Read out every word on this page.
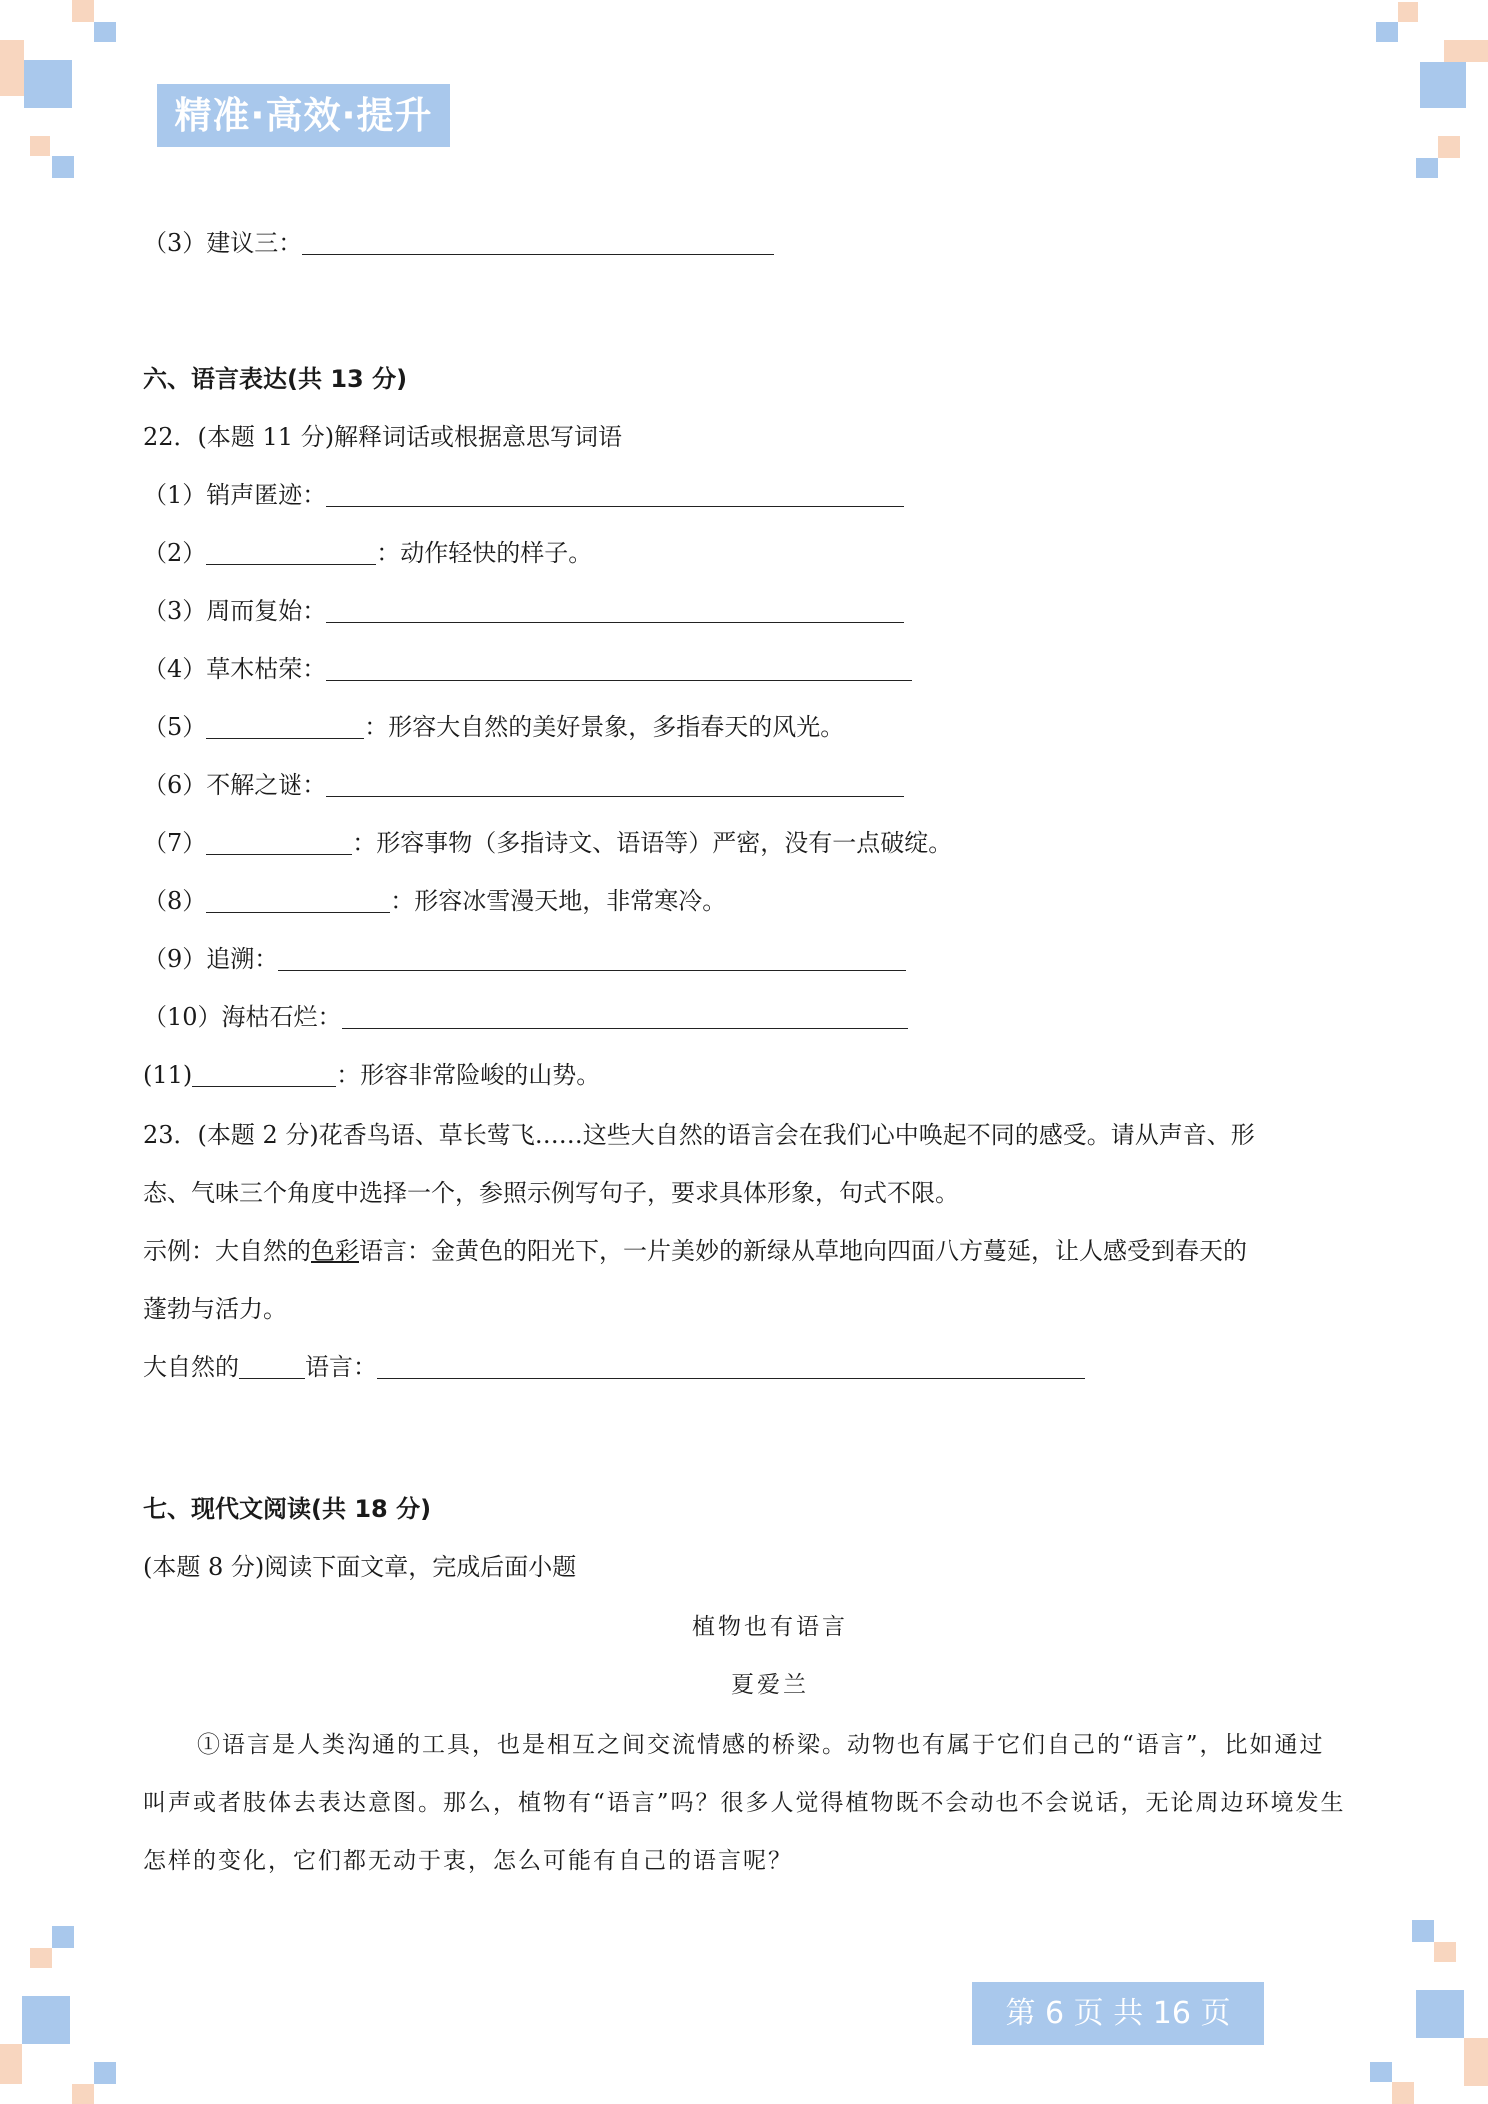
精准·高效·提升
（3）建议三：
六、语言表达(共 13 分)
22．(本题 11 分)解释词话或根据意思写词语
（1）销声匿迹：
（2）	：动作轻快的样子。
（3）周而复始：
（4）草木枯荣：
（5）	：形容大自然的美好景象，多指春天的风光。
（6）不解之谜：
（7）	：形容事物（多指诗文、语语等）严密，没有一点破绽。
（8）	：形容冰雪漫天地，非常寒冷。
（9）追溯：
（10）海枯石烂：
(11)	：形容非常险峻的山势。
23．(本题 2 分)花香鸟语、草长莺飞……这些大自然的语言会在我们心中唤起不同的感受。请从声音、形
态、气味三个角度中选择一个，参照示例写句子，要求具体形象，句式不限。
示例：大自然的色彩语言：金黄色的阳光下，一片美妙的新绿从草地向四面八方蔓延，让人感受到春天的
蓬勃与活力。
大自然的	语言：
七、现代文阅读(共 18 分)
(本题 8 分)阅读下面文章，完成后面小题
植物也有语言
夏爱兰
①语言是人类沟通的工具，也是相互之间交流情感的桥梁。动物也有属于它们自己的“语言”，比如通过叫声或者肢体去表达意图。那么，植物有“语言”吗？很多人觉得植物既不会动也不会说话，无论周边环境发生怎样的变化，它们都无动于衷，怎么可能有自己的语言呢？
第 6 页 共 16 页
